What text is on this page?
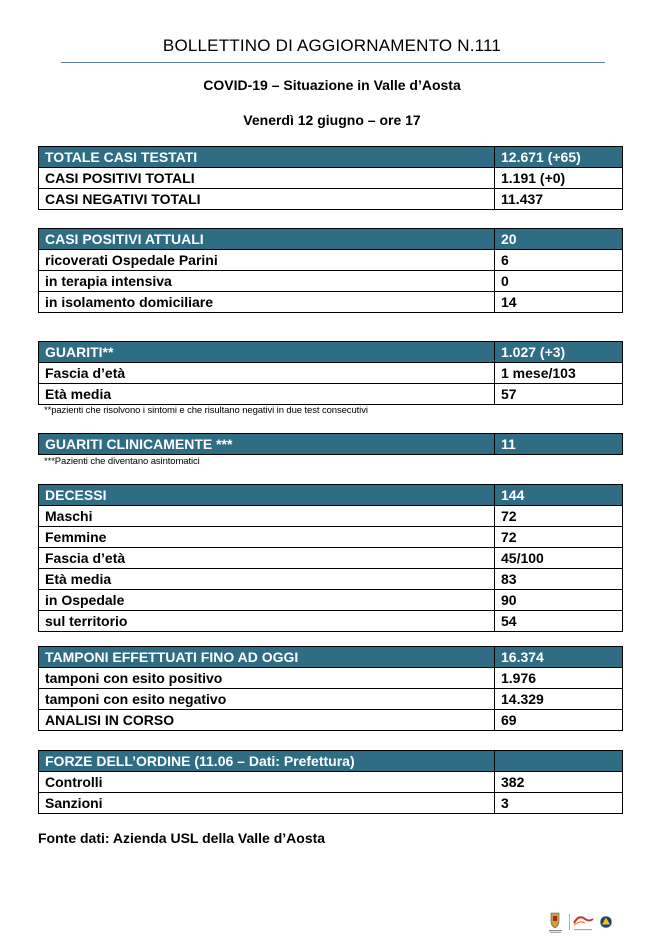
BOLLETTINO DI AGGIORNAMENTO N.111
COVID-19 – Situazione in Valle d’Aosta
Venerdì 12 giugno – ore 17
TOTALE CASI TESTATI	12.671 (+65)
CASI POSITIVI TOTALI	1.191 (+0)
CASI NEGATIVI TOTALI	11.437
CASI POSITIVI ATTUALI	20
ricoverati Ospedale Parini	6
in terapia intensiva	0
in isolamento domiciliare	14
GUARITI**	1.027 (+3)
Fascia d’età	1 mese/103
Età media	57
**pazienti che risolvono i sintomi e che risultano negativi in due test consecutivi
GUARITI CLINICAMENTE ***	11
***Pazienti che diventano asintomatici
DECESSI	144
Maschi	72
Femmine	72
Fascia d’età	45/100
Età media	83
in Ospedale	90
sul territorio	54
TAMPONI EFFETTUATI FINO AD OGGI	16.374
tamponi con esito positivo	1.976
tamponi con esito negativo	14.329
ANALISI IN CORSO	69
FORZE DELL’ORDINE (11.06 – Dati: Prefettura)	
Controlli	382
Sanzioni	3
Fonte dati: Azienda USL della Valle d’Aosta
